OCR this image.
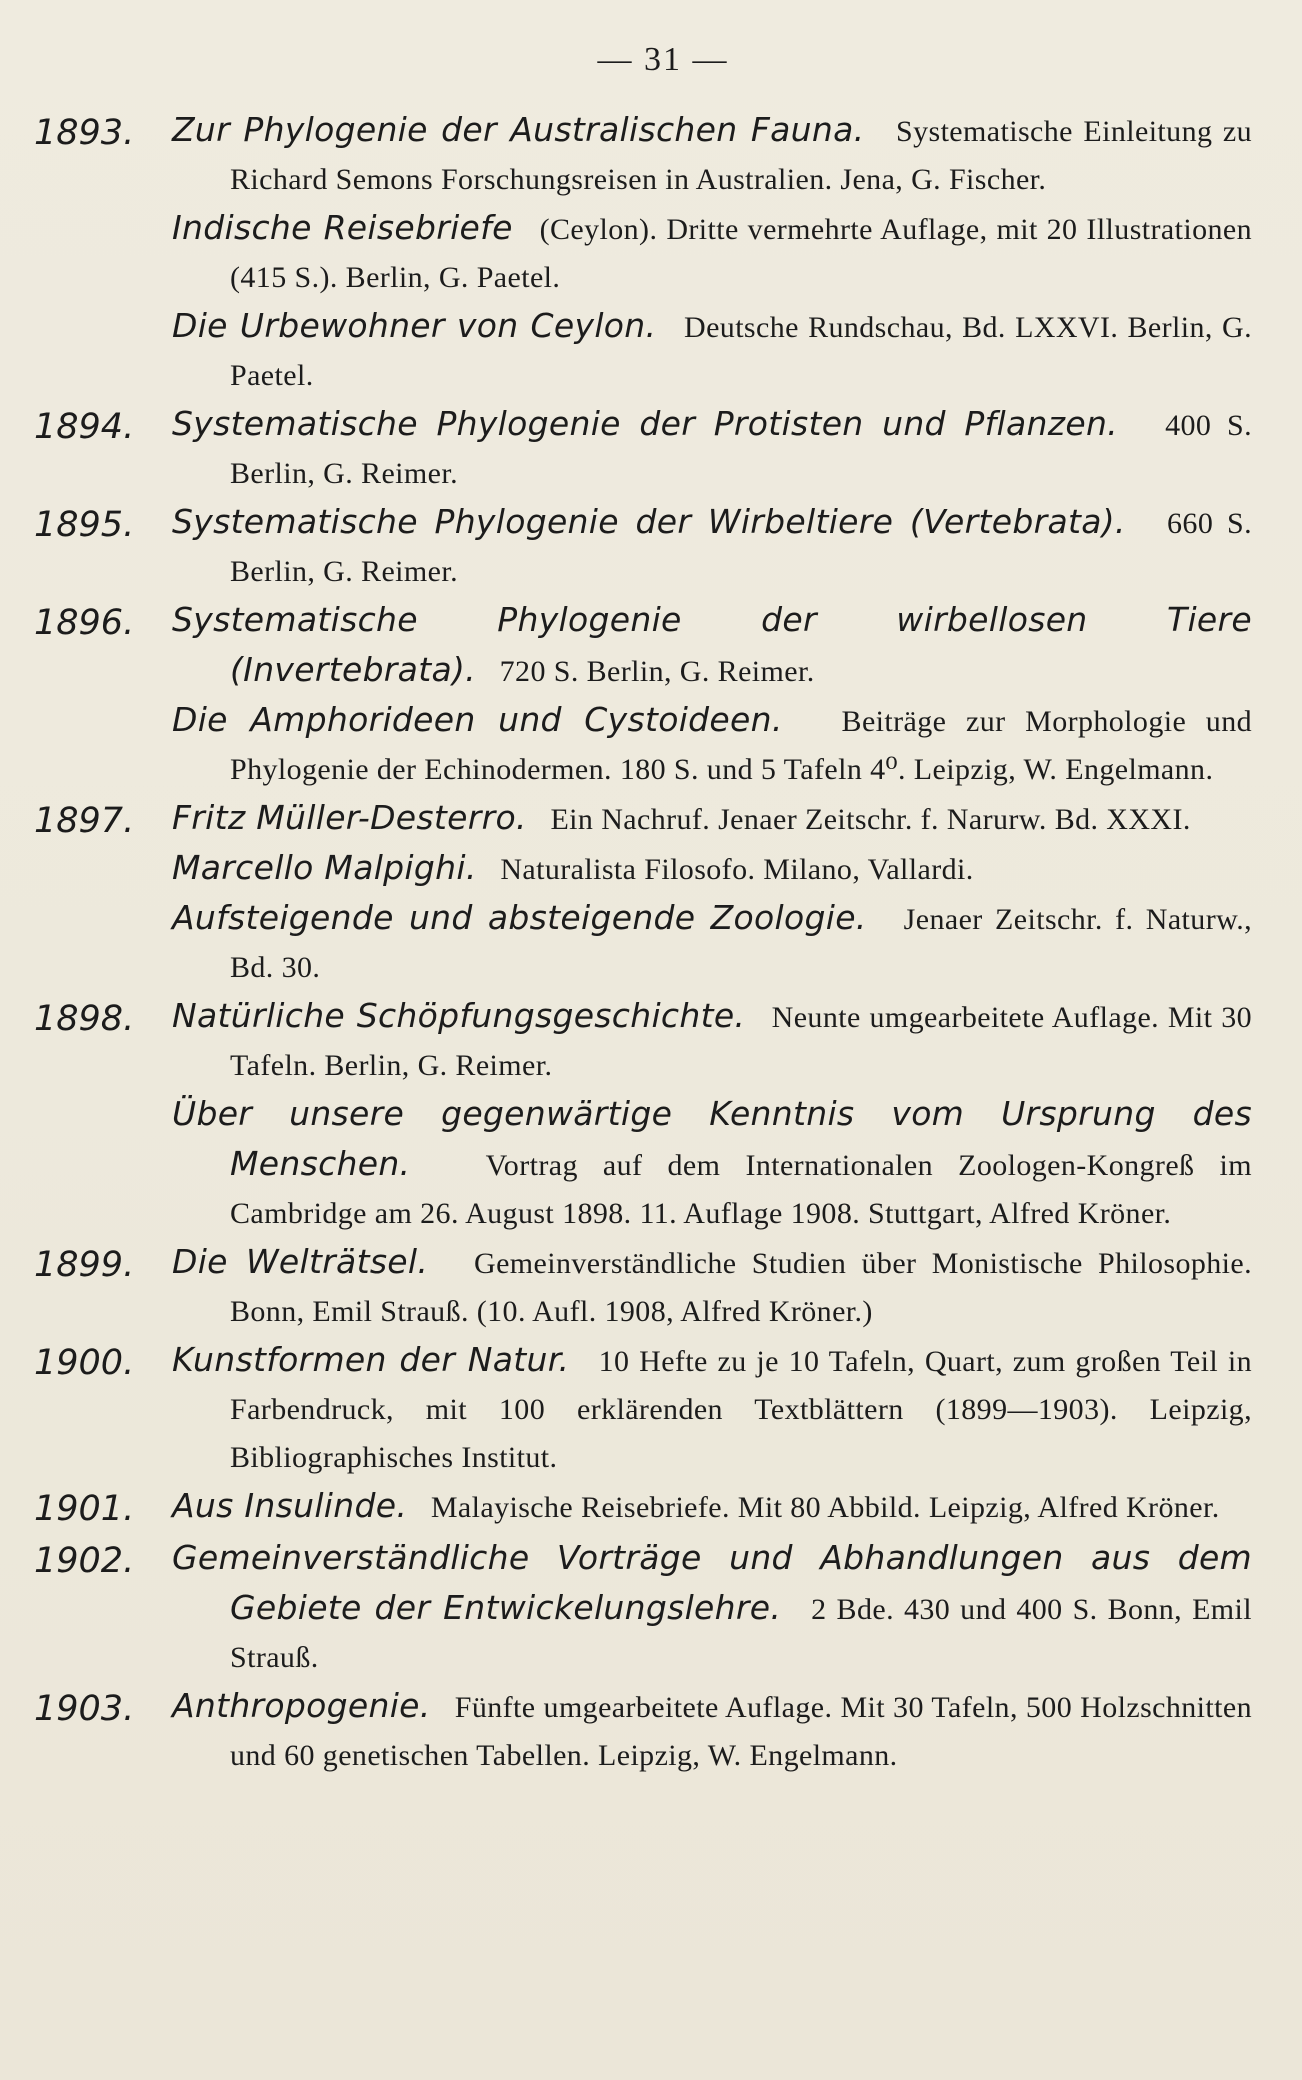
— 31 —
1893.	Zur Phylogenie der Australischen Fauna. Systematische Einleitung zu Richard Semons Forschungsreisen in Australien. Jena, G. Fischer.

Indische Reisebriefe (Ceylon). Dritte vermehrte Auflage, mit 20 Illustrationen (415 S.). Berlin, G. Paetel.

Die Urbewohner von Ceylon. Deutsche Rundschau, Bd. LXXVI. Berlin, G. Paetel.

1894.	Systematische Phylogenie der Protisten und Pflanzen. 400 S. Berlin, G. Reimer.

1895.	Systematische Phylogenie der Wirbeltiere (Vertebrata). 660 S. Berlin, G. Reimer.

1896.	Systematische Phylogenie der wirbellosen Tiere (Invertebrata). 720 S. Berlin, G. Reimer.

Die Amphorideen und Cystoideen. Beiträge zur Morphologie und Phylogenie der Echinodermen. 180 S. und 5 Tafeln 4⁰. Leipzig, W. Engelmann.

1897.	Fritz Müller-Desterro. Ein Nachruf. Jenaer Zeitschr. f. Narurw. Bd. XXXI.

Marcello Malpighi. Naturalista Filosofo. Milano, Vallardi.

Aufsteigende und absteigende Zoologie. Jenaer Zeitschr. f. Naturw., Bd. 30.

1898.	Natürliche Schöpfungsgeschichte. Neunte umgearbeitete Auflage. Mit 30 Tafeln. Berlin, G. Reimer.

Über unsere gegenwärtige Kenntnis vom Ursprung des Menschen.	Vortrag auf dem Internationalen Zoologen-Kongreß im Cambridge am 26. August 1898. 11. Auflage 1908. Stuttgart, Alfred Kröner.

1899.	Die Welträtsel. Gemeinverständliche Studien über Monistische Philosophie. Bonn, Emil Strauß. (10. Aufl. 1908, Alfred Kröner.)

1900.	Kunstformen der Natur. 10 Hefte zu je 10 Tafeln, Quart, zum großen Teil in Farbendruck, mit 100 erklärenden Textblättern (1899—1903). Leipzig, Bibliographisches Institut.

1901.	Aus Insulinde. Malayische Reisebriefe. Mit 80 Abbild. Leipzig, Alfred Kröner.

1902.	Gemeinverständliche Vorträge und Abhandlungen aus dem Gebiete der Entwickelungslehre. 2 Bde. 430 und 400 S. Bonn, Emil Strauß.

1903.	Anthropogenie. Fünfte umgearbeitete Auflage. Mit 30 Tafeln, 500 Holzschnitten und 60 genetischen Tabellen. Leipzig, W. Engelmann.
